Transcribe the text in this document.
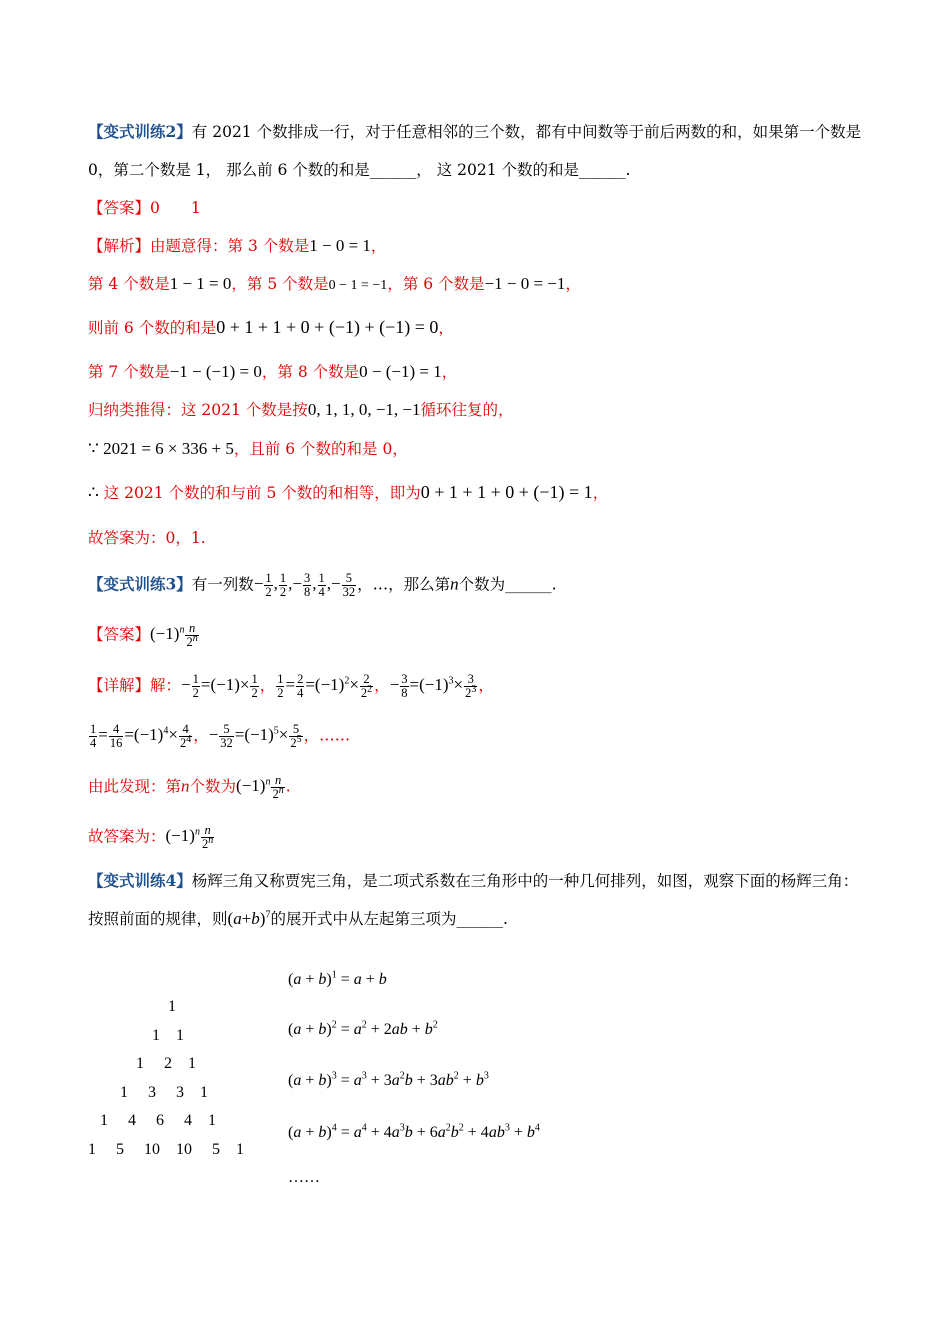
【变式训练2】有 2021 个数排成一行，对于任意相邻的三个数，都有中间数等于前后两数的和，如果第一个数是 0，第二个数是 1， 那么前 6 个数的和是______， 这 2021 个数的和是______.
【答案】0　　1
【解析】由题意得：第 3 个数是1 − 0 = 1，
第 4 个数是1 − 1 = 0，第 5 个数是0 − 1 = −1，第 6 个数是−1 − 0 = −1，
则前 6 个数的和是0 + 1 + 1 + 0 + (−1) + (−1) = 0，
第 7 个数是−1 − (−1) = 0，第 8 个数是0 − (−1) = 1，
归纳类推得：这 2021 个数是按0, 1, 1, 0, −1, −1循环往复的，
∵ 2021 = 6 × 336 + 5，且前 6 个数的和是 0，
∴ 这 2021 个数的和与前 5 个数的和相等，即为0 + 1 + 1 + 0 + (−1) = 1，
故答案为：0，1.
【变式训练3】有一列数− $\frac{1}{2}$ , $\frac{1}{2}$ ,− $\frac{3}{8}$ , $\frac{1}{4}$ ,− $\frac{5}{32}$ ，…，那么第n个数为______.
【答案】$(-1)^n \frac{n}{2^n}$
【详解】解：− $\frac{1}{2} =(-1)\times \frac{1}{2}$ ， $\frac{1}{2} = \frac{2}{4} =(-1)^2\times \frac{2}{2^2}$ ，− $\frac{3}{8} =(-1)^3\times \frac{3}{2^3}$ ，
$\frac{1}{4} = \frac{4}{16} =(-1)^4\times \frac{4}{2^4}$ ，− $\frac{5}{32} =(-1)^5\times \frac{5}{2^5}$ ，……
由此发现：第n个数为$(-1)^n \frac{n}{2^n}$ .
故答案为：$(-1)^n \frac{n}{2^n}$
【变式训练4】杨辉三角又称贾宪三角，是二项式系数在三角形中的一种几何排列，如图，观察下面的杨辉三角：按照前面的规律，则$(a+b)^7$的展开式中从左起第三项为______.
1
1    1
1     2    1
1     3     3    1
1     4     6     4    1
1     5     10    10     5    1
$(a + b)^1 = a + b$
$(a + b)^2 = a^2 + 2ab + b^2$
$(a + b)^3 = a^3 + 3a^2b + 3ab^2 + b^3$
$(a + b)^4 = a^4 + 4a^3b + 6a^2b^2 + 4ab^3 + b^4$
……
